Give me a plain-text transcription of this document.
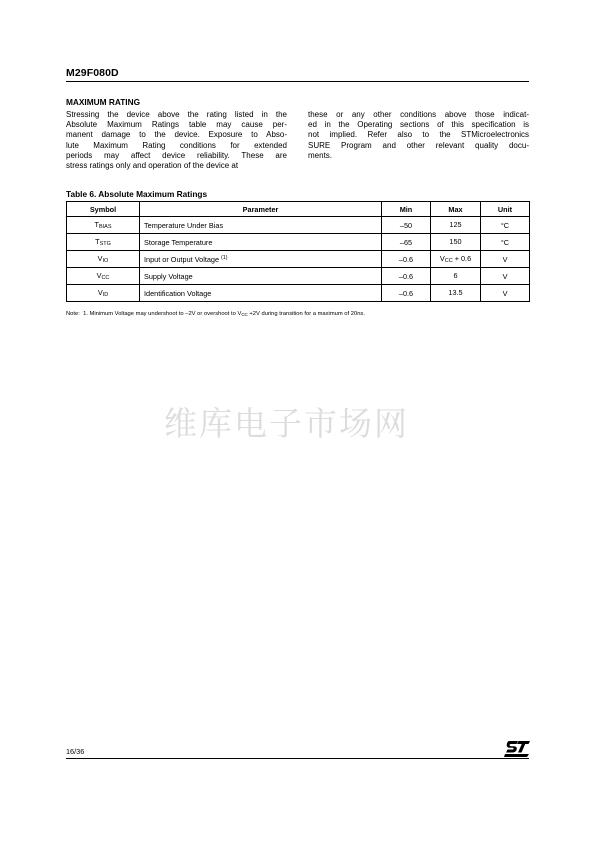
M29F080D
MAXIMUM RATING
Stressing the device above the rating listed in the
Absolute Maximum Ratings table may cause per-
manent damage to the device. Exposure to Abso-
lute Maximum Rating conditions for extended
periods may affect device reliability. These are
stress ratings only and operation of the device at
these or any other conditions above those indicat-
ed in the Operating sections of this specification is
not implied. Refer also to the STMicroelectronics
SURE Program and other relevant quality docu-
ments.
Table 6. Absolute Maximum Ratings
Symbol	Parameter	Min	Max	Unit
TBIAS	Temperature Under Bias	–50	125	°C
TSTG	Storage Temperature	–65	150	°C
VIO	Input or Output Voltage $^{(1)}$	–0.6	VCC + 0.6	V
VCC	Supply Voltage	–0.6	6	V
VID	Identification Voltage	–0.6	13.5	V
Note: 1. Minimum Voltage may undershoot to –2V or overshoot to $V_{CC} +2V$ during transition for a maximum of 20ns.
维库电子市场网
16/36
